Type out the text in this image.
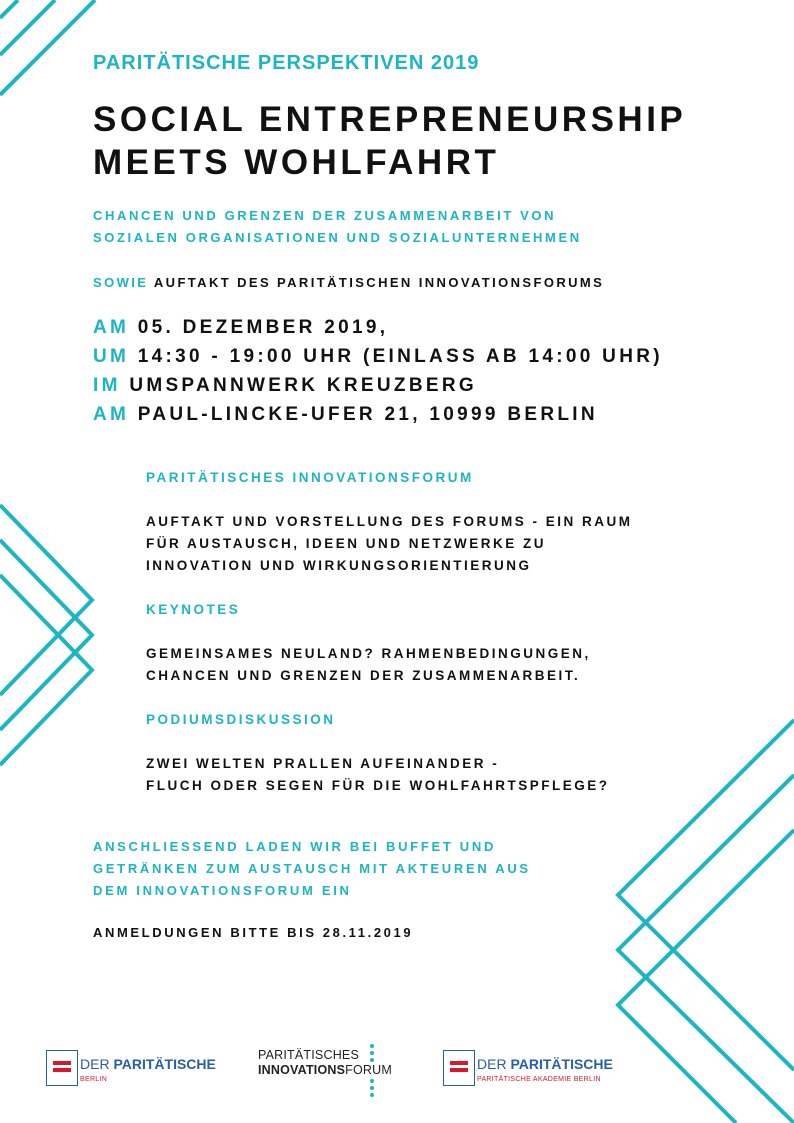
PARITÄTISCHE PERSPEKTIVEN 2019
SOCIAL ENTREPRENEURSHIP
MEETS WOHLFAHRT
CHANCEN UND GRENZEN DER ZUSAMMENARBEIT VON
SOZIALEN ORGANISATIONEN UND SOZIALUNTERNEHMEN
SOWIE AUFTAKT DES PARITÄTISCHEN INNOVATIONSFORUMS
AM 05. DEZEMBER 2019,
UM 14:30 - 19:00 UHR (EINLASS AB 14:00 UHR)
IM UMSPANNWERK KREUZBERG
AM PAUL-LINCKE-UFER 21, 10999 BERLIN
PARITÄTISCHES INNOVATIONSFORUM
AUFTAKT UND VORSTELLUNG DES FORUMS - EIN RAUM
FÜR AUSTAUSCH, IDEEN UND NETZWERKE ZU
INNOVATION UND WIRKUNGSORIENTIERUNG
KEYNOTES
GEMEINSAMES NEULAND? RAHMENBEDINGUNGEN,
CHANCEN UND GRENZEN DER ZUSAMMENARBEIT.
PODIUMSDISKUSSION
ZWEI WELTEN PRALLEN AUFEINANDER -
FLUCH ODER SEGEN FÜR DIE WOHLFAHRTSPFLEGE?
ANSCHLIESSEND LADEN WIR BEI BUFFET UND
GETRÄNKEN ZUM AUSTAUSCH MIT AKTEUREN AUS
DEM INNOVATIONSFORUM EIN
ANMELDUNGEN BITTE BIS 28.11.2019
DER PARITÄTISCHE
BERLIN
PARITÄTISCHES
INNOVATIONSFORUM	DER PARITÄTISCHE
PARITÄTISCHE AKADEMIE BERLIN
